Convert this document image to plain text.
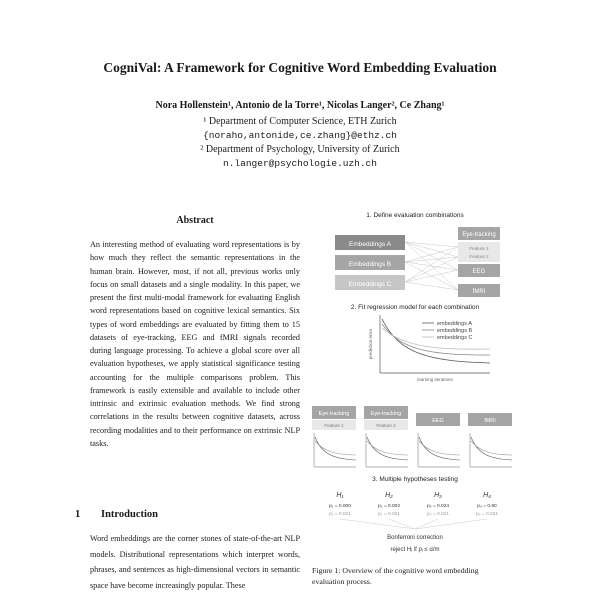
CogniVal: A Framework for Cognitive Word Embedding Evaluation
Nora Hollenstein¹, Antonio de la Torre¹, Nicolas Langer², Ce Zhang¹
¹ Department of Computer Science, ETH Zurich
{noraho,antonide,ce.zhang}@ethz.ch
² Department of Psychology, University of Zurich
n.langer@psychologie.uzh.ch
Abstract

An interesting method of evaluating word representations is by how much they reflect the semantic representations in the human brain. However, most, if not all, previous works only focus on small datasets and a single modality. In this paper, we present the first multi-modal framework for evaluating English word representations based on cognitive lexical semantics. Six types of word embeddings are evaluated by fitting them to 15 datasets of eye-tracking, EEG and fMRI signals recorded during language processing. To achieve a global score over all evaluation hypotheses, we apply statistical significance testing accounting for the multiple comparisons problem. This framework is easily extensible and available to include other intrinsic and extrinsic evaluation methods. We find strong correlations in the results between cognitive datasets, across recording modalities and to their performance on extrinsic NLP tasks.

1 Introduction

Word embeddings are the corner stones of state-of-the-art NLP models. Distributional representations which interpret words, phrases, and sentences as high-dimensional vectors in semantic space have become increasingly popular. These

1. Define evaluation combinations
Embeddings A
Embeddings B
Embeddings C
Eye-tracking
Feature 1
Feature 2
EEG
fMRI
2. Fit regression model for each combination
prediction error
learning iterations
embeddings A
embeddings B
embeddings C
Eye-tracking
Feature 1
Eye-tracking
Feature 2
EEG	fMRI
3. Multiple hypotheses testing
H₁
p₁ = 0.000
p₁ = 0.021
H₂
p₂ = 0.002
p₂ = 0.021
H₃
p₃ = 0.024
p₃ = 0.021
H₄
p₄ = 0.90
p₄ = 0.021
Bonferroni correction
reject Hᵢ if pᵢ ≤ α/m
Figure 1: Overview of the cognitive word embedding evaluation process.
